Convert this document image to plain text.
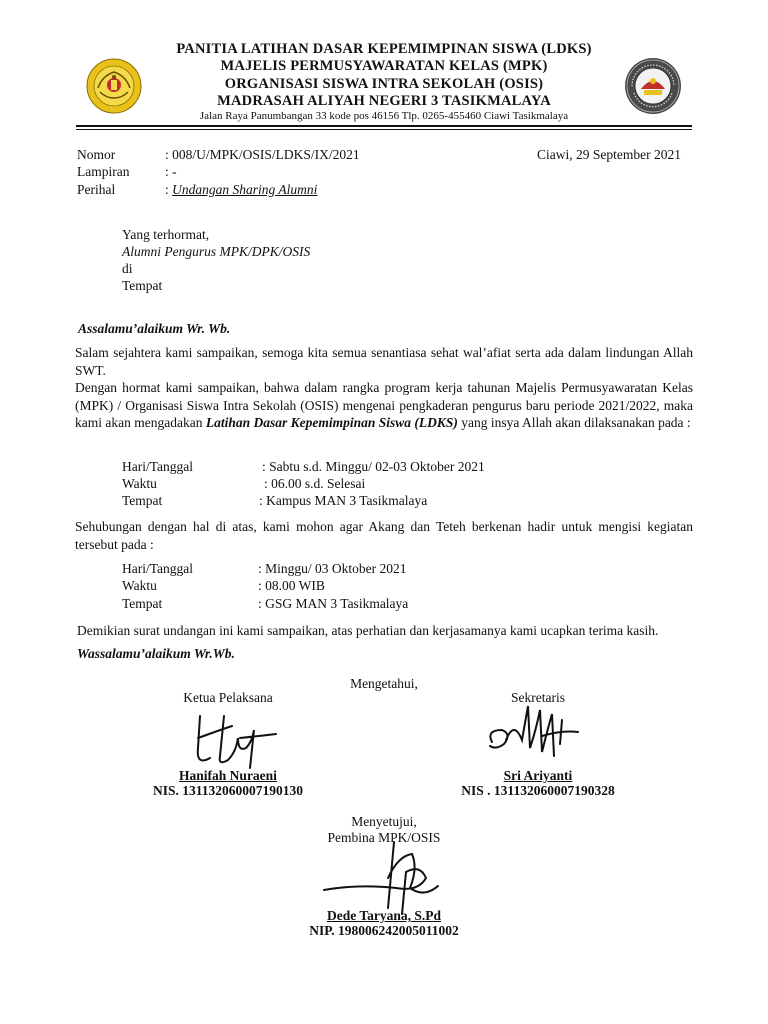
PANITIA LATIHAN DASAR KEPEMIMPINAN SISWA (LDKS)
MAJELIS PERMUSYAWARATAN KELAS (MPK)
ORGANISASI SISWA INTRA SEKOLAH (OSIS)
MADRASAH ALIYAH NEGERI 3 TASIKMALAYA
Jalan Raya Panumbangan 33 kode pos 46156 Tlp. 0265-455460 Ciawi Tasikmalaya
Nomor	: 008/U/MPK/OSIS/LDKS/IX/2021	Ciawi, 29 September 2021
Lampiran	: -
Perihal	: Undangan Sharing Alumni
Yang terhormat,
Alumni Pengurus MPK/DPK/OSIS
di
Tempat
Assalamu’alaikum Wr. Wb.
Salam sejahtera kami sampaikan, semoga kita semua senantiasa sehat wal’afiat serta ada dalam lindungan Allah SWT.
Dengan hormat kami sampaikan, bahwa dalam rangka program kerja tahunan Majelis Permusyawaratan Kelas (MPK) / Organisasi Siswa Intra Sekolah (OSIS) mengenai pengkaderan pengurus baru periode 2021/2022, maka kami akan mengadakan Latihan Dasar Kepemimpinan Siswa (LDKS) yang insya Allah akan dilaksanakan pada :
Hari/Tanggal	: Sabtu s.d. Minggu/ 02-03 Oktober 2021
Waktu	: 06.00 s.d. Selesai
Tempat	: Kampus MAN 3 Tasikmalaya
Sehubungan dengan hal di atas, kami mohon agar Akang dan Teteh berkenan hadir untuk mengisi kegiatan tersebut pada :
Hari/Tanggal	: Minggu/ 03 Oktober 2021
Waktu	: 08.00 WIB
Tempat	: GSG MAN 3 Tasikmalaya
Demikian surat undangan ini kami sampaikan, atas perhatian dan kerjasamanya kami ucapkan terima kasih.
Wassalamu’alaikum Wr.Wb.
Mengetahui,
Ketua Pelaksana	Sekretaris
Hanifah Nuraeni
NIS. 131132060007190130
Sri Ariyanti
NIS . 131132060007190328
Menyetujui,
Pembina MPK/OSIS
Dede Taryana, S.Pd
NIP. 198006242005011002
